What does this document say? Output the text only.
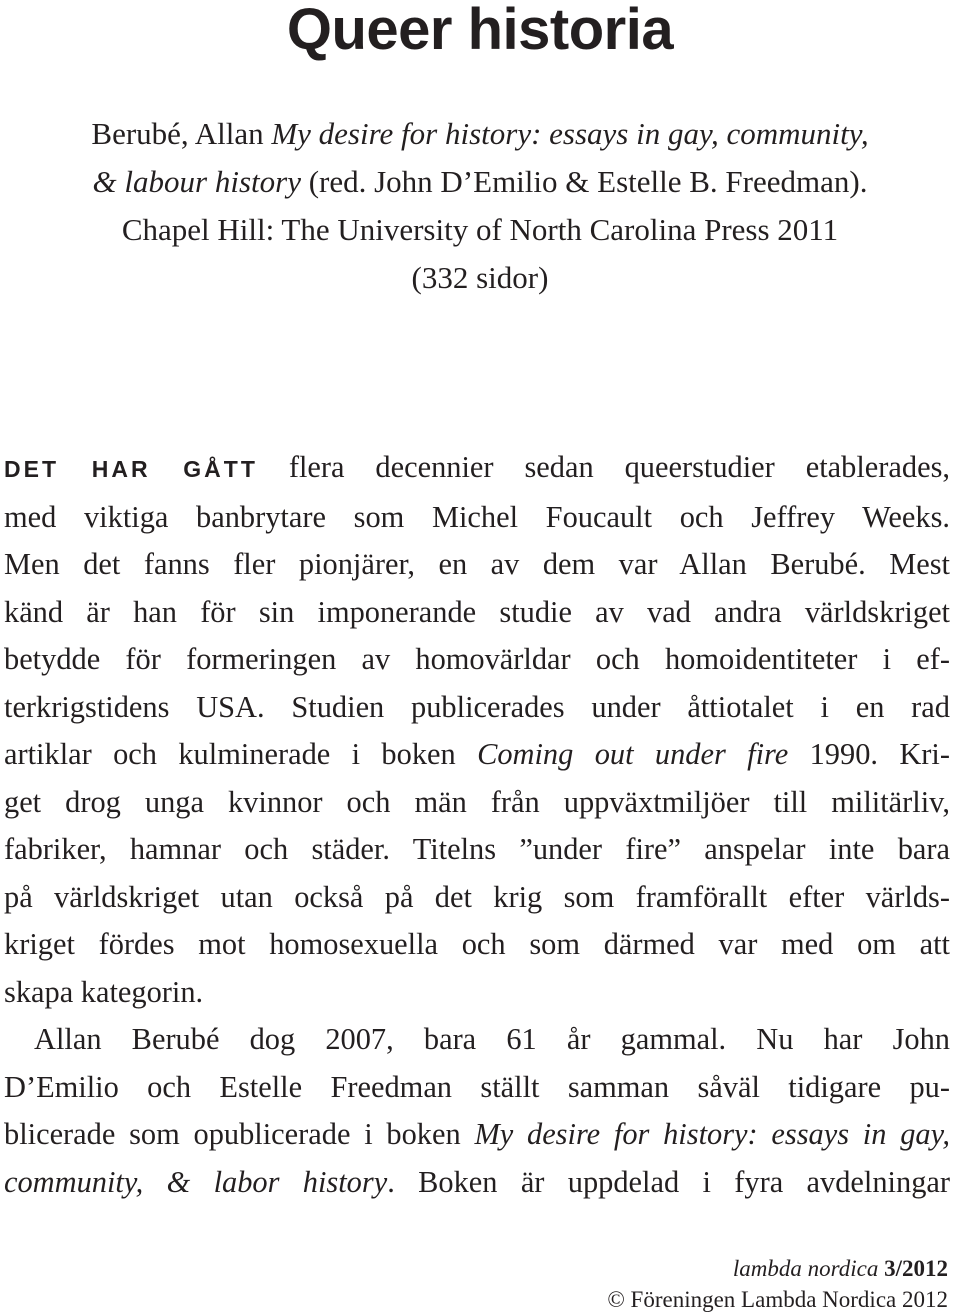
Queer historia
Berubé, Allan My desire for history: essays in gay, community,
& labour history (red. John D’Emilio & Estelle B. Freedman).
Chapel Hill: The University of North Carolina Press 2011
(332 sidor)
DET HAR GÅTT flera decennier sedan queerstudier etablerades,
med viktiga banbrytare som Michel Foucault och Jeffrey Weeks.
Men det fanns fler pionjärer, en av dem var Allan Berubé. Mest
känd är han för sin imponerande studie av vad andra världskriget
betydde för formeringen av homovärldar och homoidentiteter i ef-
terkrigstidens USA. Studien publicerades under åttiotalet i en rad
artiklar och kulminerade i boken Coming out under fire 1990. Kri-
get drog unga kvinnor och män från uppväxtmiljöer till militärliv,
fabriker, hamnar och städer. Titelns ”under fire” anspelar inte bara
på världskriget utan också på det krig som framförallt efter världs-
kriget fördes mot homosexuella och som därmed var med om att
skapa kategorin.
Allan Berubé dog 2007, bara 61 år gammal. Nu har John
D’Emilio och Estelle Freedman ställt samman såväl tidigare pu-
blicerade som opublicerade i boken My desire for history: essays in gay,
community, & labor history. Boken är uppdelad i fyra avdelningar
lambda nordica 3/2012
© Föreningen Lambda Nordica 2012
